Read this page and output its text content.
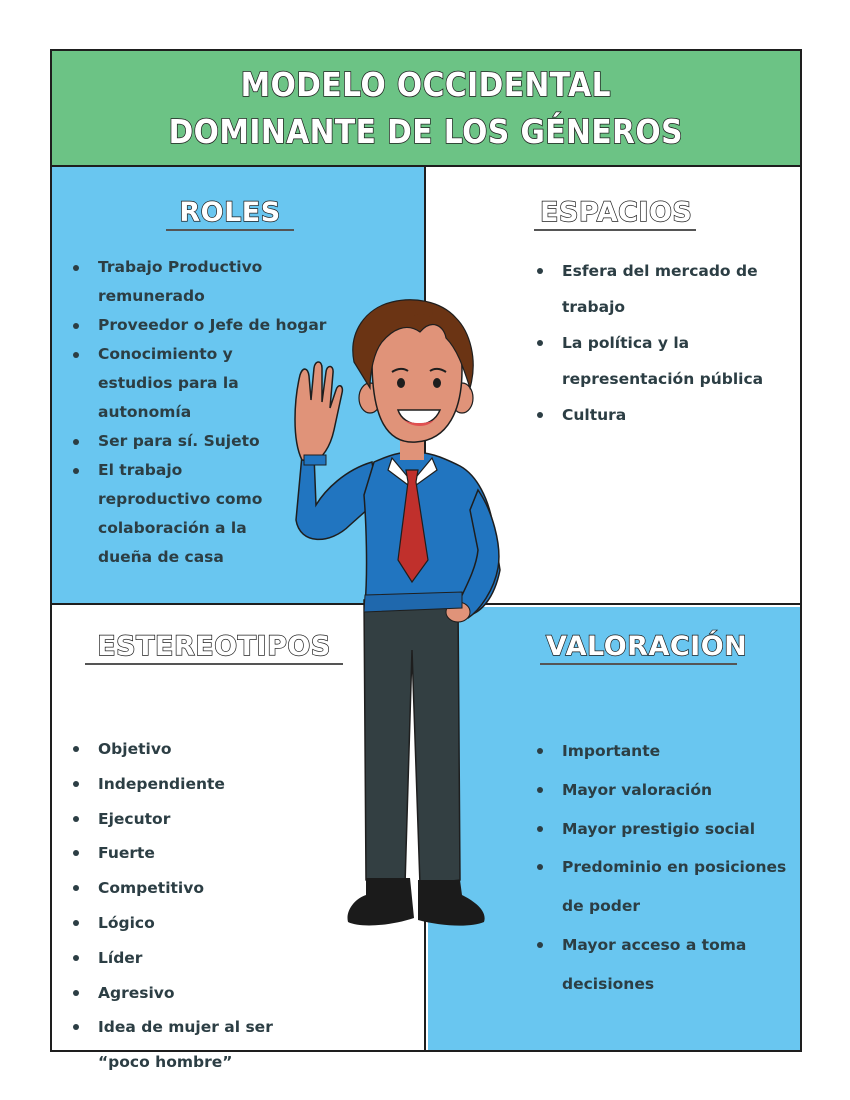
MODELO OCCIDENTAL
DOMINANTE DE LOS GÉNEROS
ROLES
Trabajo Productivo remunerado
Proveedor o Jefe de hogar
Conocimiento y estudios para la autonomía
Ser para sí. Sujeto
El trabajo reproductivo como colaboración a la dueña de casa
ESPACIOS
Esfera del mercado de trabajo
La política y la representación pública
Cultura
ESTEREOTIPOS
Objetivo
Independiente
Ejecutor
Fuerte
Competitivo
Lógico
Líder
Agresivo
Idea de mujer al ser “poco hombre”
VALORACIÓN
Importante
Mayor valoración
Mayor prestigio social
Predominio en posiciones de poder
Mayor acceso a toma decisiones
